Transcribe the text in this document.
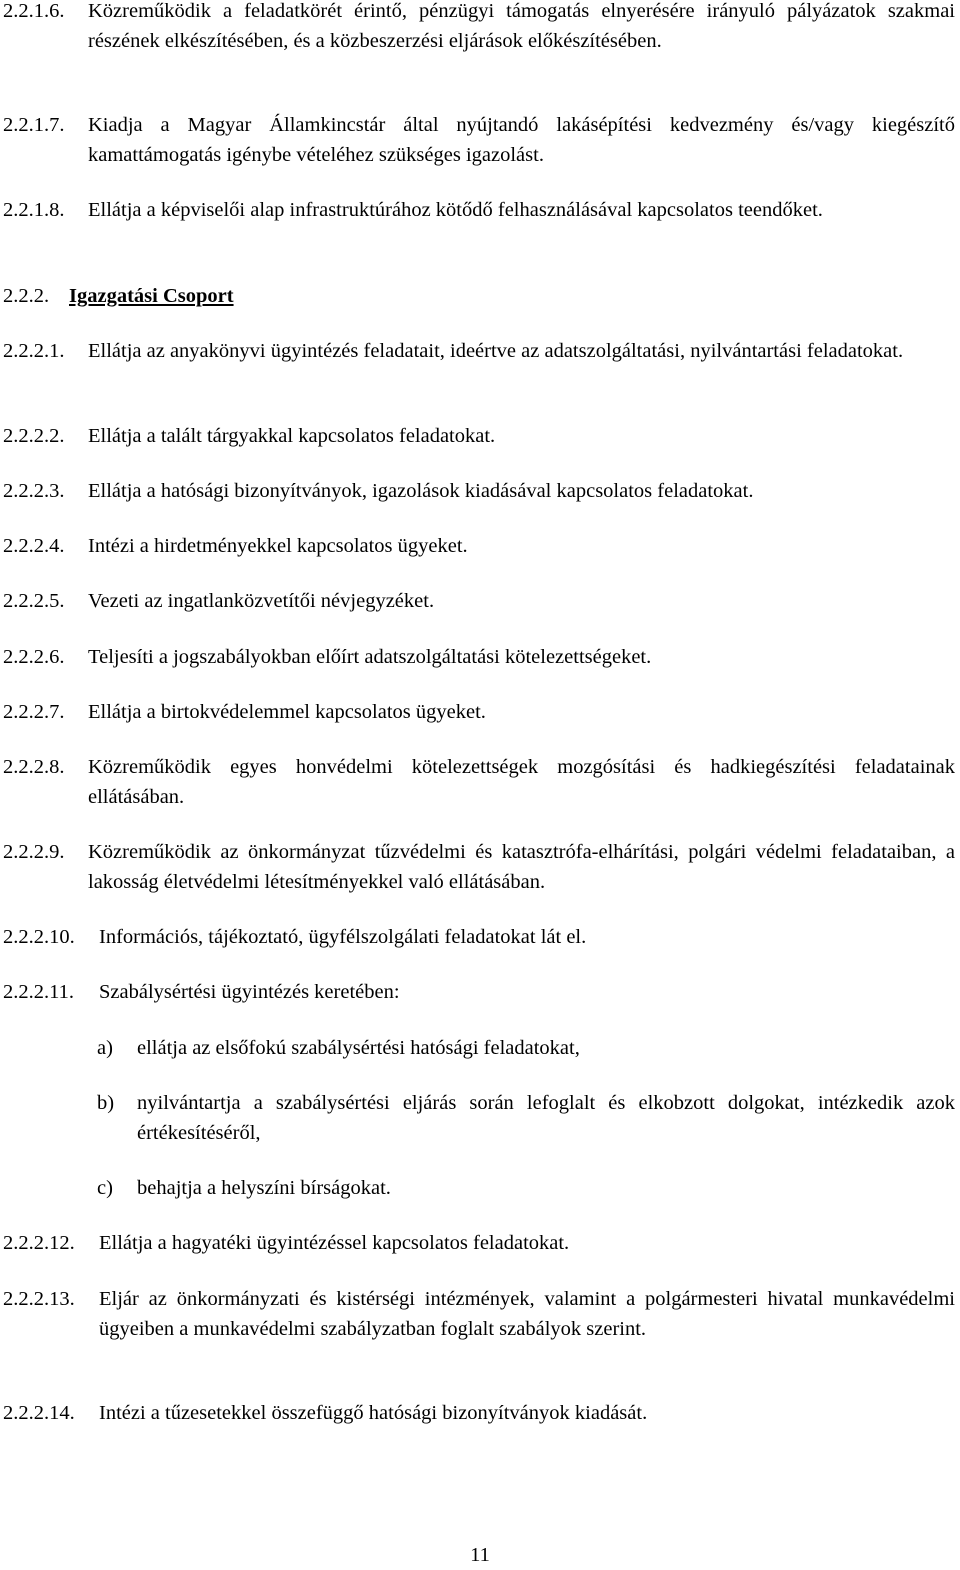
2.2.1.6.	Közreműködik a feladatkörét érintő, pénzügyi támogatás elnyerésére irányuló pályázatok szakmai részének elkészítésében, és a közbeszerzési eljárások előkészítésében.
2.2.1.7.	Kiadja a Magyar Államkincstár által nyújtandó lakásépítési kedvezmény és/vagy kiegészítő kamattámogatás igénybe vételéhez szükséges igazolást.
2.2.1.8.	Ellátja a képviselői alap infrastruktúrához kötődő felhasználásával kapcsolatos teendőket.
2.2.2. Igazgatási Csoport
2.2.2.1.	Ellátja az anyakönyvi ügyintézés feladatait, ideértve az adatszolgáltatási, nyilvántartási feladatokat.
2.2.2.2.	Ellátja a talált tárgyakkal kapcsolatos feladatokat.
2.2.2.3.	Ellátja a hatósági bizonyítványok, igazolások kiadásával kapcsolatos feladatokat.
2.2.2.4.	Intézi a hirdetményekkel kapcsolatos ügyeket.
2.2.2.5.	Vezeti az ingatlanközvetítői névjegyzéket.
2.2.2.6.	Teljesíti a jogszabályokban előírt adatszolgáltatási kötelezettségeket.
2.2.2.7.	Ellátja a birtokvédelemmel kapcsolatos ügyeket.
2.2.2.8.	Közreműködik egyes honvédelmi kötelezettségek mozgósítási és hadkiegészítési feladatainak ellátásában.
2.2.2.9.	Közreműködik az önkormányzat tűzvédelmi és katasztrófa-elhárítási, polgári védelmi feladataiban, a lakosság életvédelmi létesítményekkel való ellátásában.
2.2.2.10.	Információs, tájékoztató, ügyfélszolgálati feladatokat lát el.
2.2.2.11.	Szabálysértési ügyintézés keretében:
a)	ellátja az elsőfokú szabálysértési hatósági feladatokat,
b)	nyilvántartja a szabálysértési eljárás során lefoglalt és elkobzott dolgokat, intézkedik azok értékesítéséről,
c)	behajtja a helyszíni bírságokat.
2.2.2.12.	Ellátja a hagyatéki ügyintézéssel kapcsolatos feladatokat.
2.2.2.13.	Eljár az önkormányzati és kistérségi intézmények, valamint a polgármesteri hivatal munkavédelmi ügyeiben a munkavédelmi szabályzatban foglalt szabályok szerint.
2.2.2.14.	Intézi a tűzesetekkel összefüggő hatósági bizonyítványok kiadását.
11
